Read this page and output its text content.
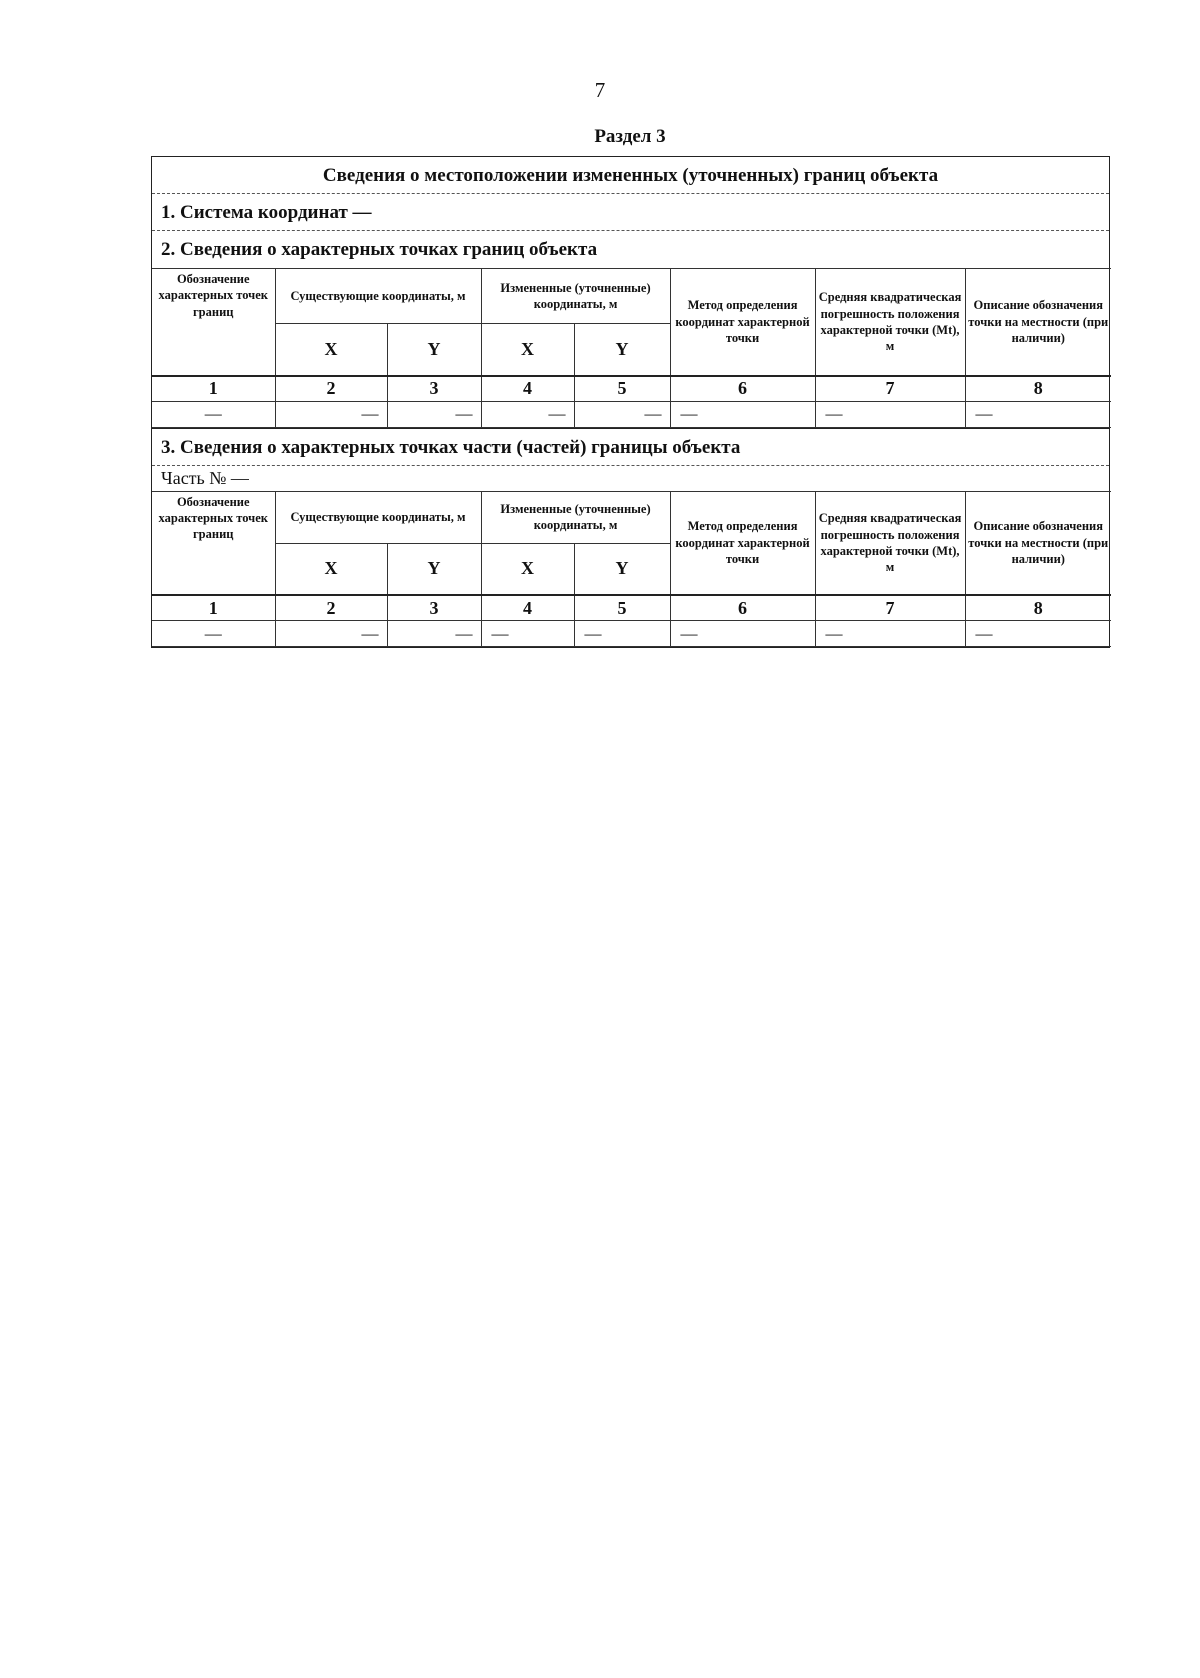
7
Раздел 3
Сведения о местоположении измененных (уточненных) границ объекта
1. Система координат —
2. Сведения о характерных точках границ объекта
Обозначение характерных точек границ	Существующие координаты, м		Измененные (уточненные) координаты, м		Метод определения координат характерной точки	Средняя квадратическая погрешность положения характерной точки (Mt), м	Описание обозначения точки на местности (при наличии)
	X	Y	X	Y			
1	2	3	4	5	6	7	8
—	—	—	—	—	—	—	—
3. Сведения о характерных точках части (частей) границы объекта
Часть № —
Обозначение характерных точек границ	Существующие координаты, м		Измененные (уточненные) координаты, м		Метод определения координат характерной точки	Средняя квадратическая погрешность положения характерной точки (Mt), м	Описание обозначения точки на местности (при наличии)
	X	Y	X	Y			
1	2	3	4	5	6	7	8
—	—	—	—	—	—	—	—
